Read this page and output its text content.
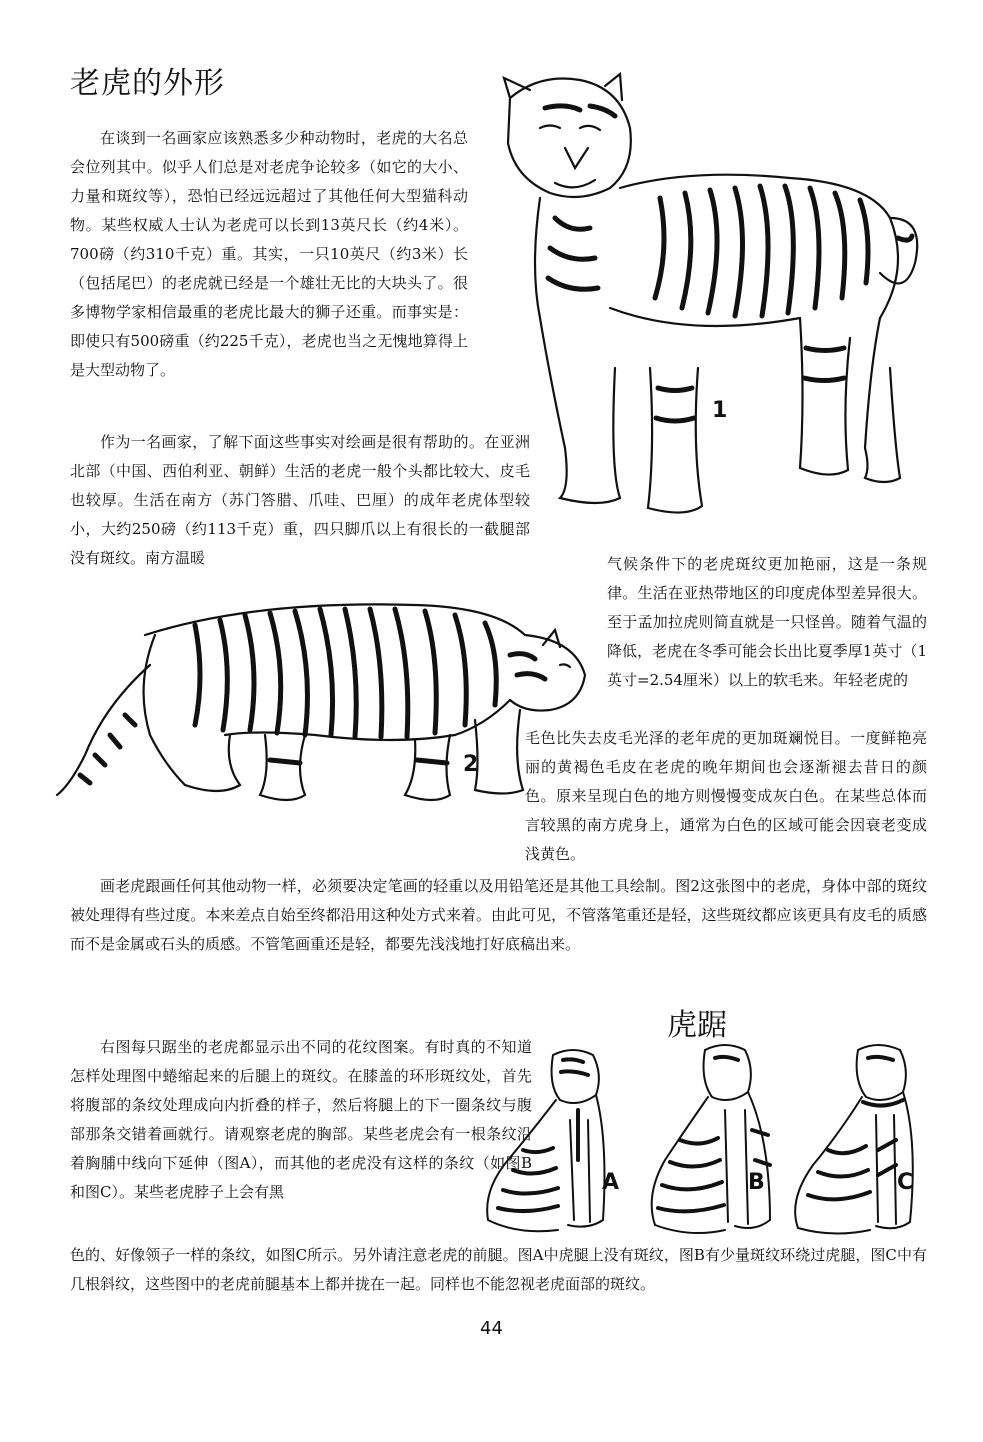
老虎的外形

在谈到一名画家应该熟悉多少种动物时，老虎的大名总会位列其中。似乎人们总是对老虎争论较多（如它的大小、力量和斑纹等），恐怕已经远远超过了其他任何大型猫科动物。某些权威人士认为老虎可以长到13英尺长（约4米）。700磅（约310千克）重。其实，一只10英尺（约3米）长（包括尾巴）的老虎就已经是一个雄壮无比的大块头了。很多博物学家相信最重的老虎比最大的狮子还重。而事实是：即使只有500磅重（约225千克），老虎也当之无愧地算得上是大型动物了。

作为一名画家，了解下面这些事实对绘画是很有帮助的。在亚洲北部（中国、西伯利亚、朝鲜）生活的老虎一般个头都比较大、皮毛也较厚。生活在南方（苏门答腊、爪哇、巴厘）的成年老虎体型较小，大约250磅（约113千克）重，四只脚爪以上有很长的一截腿部没有斑纹。南方温暖	气候条件下的老虎斑纹更加艳丽，这是一条规律。生活在亚热带地区的印度虎体型差异很大。至于孟加拉虎则简直就是一只怪兽。随着气温的降低，老虎在冬季可能会长出比夏季厚1英寸（1英寸=2.54厘米）以上的软毛来。年轻老虎的

毛色比失去皮毛光泽的老年虎的更加斑斓悦目。一度鲜艳亮丽的黄褐色毛皮在老虎的晚年期间也会逐渐褪去昔日的颜色。原来呈现白色的地方则慢慢变成灰白色。在某些总体而言较黑的南方虎身上，通常为白色的区域可能会因衰老变成浅黄色。

画老虎跟画任何其他动物一样，必须要决定笔画的轻重以及用铅笔还是其他工具绘制。图2这张图中的老虎，身体中部的斑纹被处理得有些过度。本来差点自始至终都沿用这种处方式来着。由此可见，不管落笔重还是轻，这些斑纹都应该更具有皮毛的质感而不是金属或石头的质感。不管笔画重还是轻，都要先浅浅地打好底稿出来。

虎踞

右图每只踞坐的老虎都显示出不同的花纹图案。有时真的不知道怎样处理图中蜷缩起来的后腿上的斑纹。在膝盖的环形斑纹处，首先将腹部的条纹处理成向内折叠的样子，然后将腿上的下一圈条纹与腹部那条交错着画就行。请观察老虎的胸部。某些老虎会有一根条纹沿着胸脯中线向下延伸（图A），而其他的老虎没有这样的条纹（如图B和图C）。某些老虎脖子上会有黑

色的、好像领子一样的条纹，如图C所示。另外请注意老虎的前腿。图A中虎腿上没有斑纹，图B有少量斑纹环绕过虎腿，图C中有几根斜纹，这些图中的老虎前腿基本上都并拢在一起。同样也不能忽视老虎面部的斑纹。

1
2
A	B	C
44
